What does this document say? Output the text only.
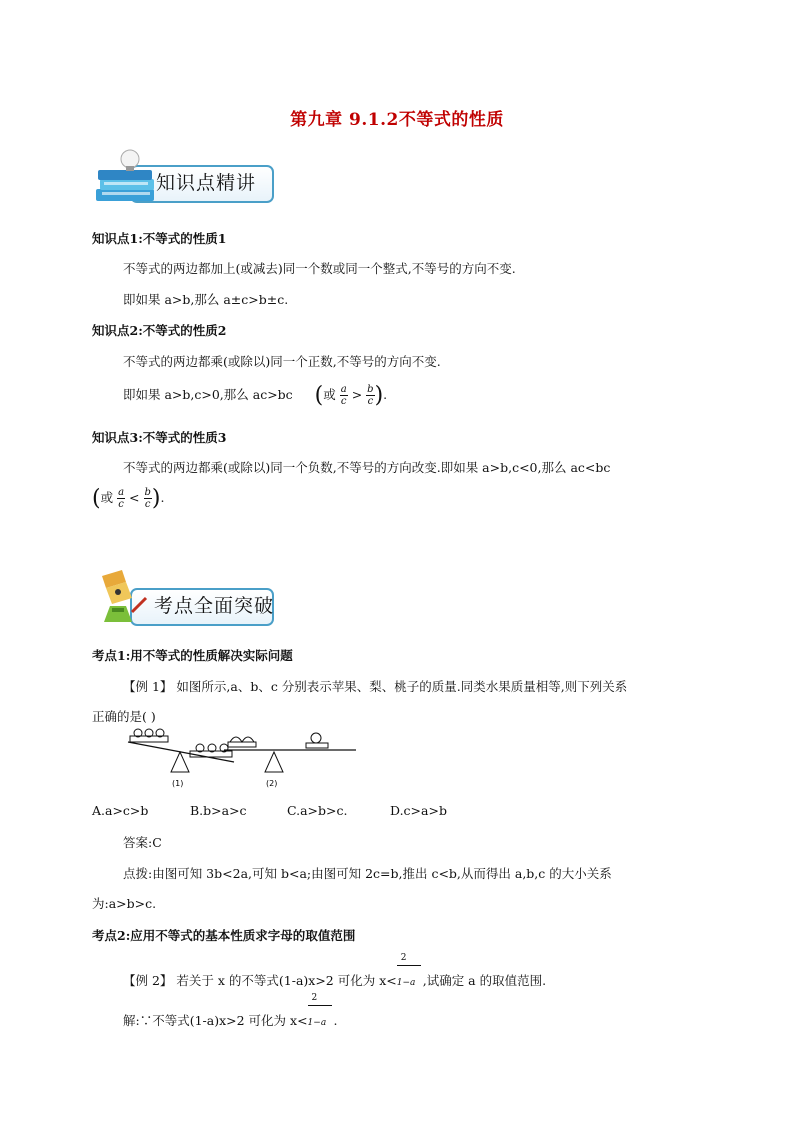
第九章 9.1.2不等式的性质
知识点精讲
知识点1:不等式的性质1
不等式的两边都加上(或减去)同一个数或同一个整式,不等号的方向不变.
即如果 a>b,那么 a±c>b±c.
知识点2:不等式的性质2
不等式的两边都乘(或除以)同一个正数,不等号的方向不变.
即如果 a>b,c>0,那么 ac>bc (或 $\frac{a}{c} > \frac{b}{c}$ ).
知识点3:不等式的性质3
不等式的两边都乘(或除以)同一个负数,不等号的方向改变.即如果 a>b,c<0,那么 ac<bc
(或 $\frac{a}{c} < \frac{b}{c}$ ).
考点全面突破
考点1:用不等式的性质解决实际问题
【例 1】 如图所示,a、b、c 分别表示苹果、梨、桃子的质量.同类水果质量相等,则下列关系
正确的是( )
(1)	(2)
A.a>c>b	B.b>a>c	C.a>b>c.	D.c>a>b
答案:C
点拨:由图可知 3b<2a,可知 b<a;由图可知 2c=b,推出 c<b,从而得出 a,b,c 的大小关系
为:a>b>c.
考点2:应用不等式的基本性质求字母的取值范围
【例 2】 若关于 x 的不等式(1-a)x>2 可化为 $x< \frac{2}{1-a}$,试确定 a 的取值范围.
解:∵不等式(1-a)x>2 可化为 $x< \frac{2}{1-a}$.
